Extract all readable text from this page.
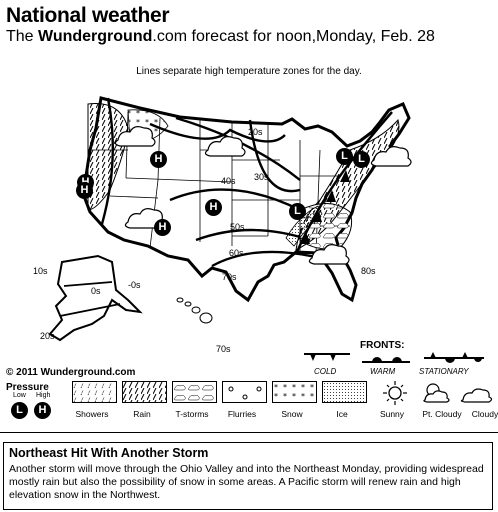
National weather
The Wunderground.com forecast for noon,Monday, Feb. 28
Lines separate high temperature zones for the day.
H
H
H
H
L
L
L
20s
30s
40s
50s
60s
70s
80s
10s
0s
-0s
20s
70s
© 2011 Wunderground.com
FRONTS:
COLD	WARM	STATIONARY
Pressure
Low High
L	H	Showers	Rain	T-storms	Flurries	Snow	Ice	Sunny	Pt. Cloudy	Cloudy
Northeast Hit With Another Storm
Another storm will move through the Ohio Valley and into the Northeast Monday, providing widespread mostly rain but also the possibility of snow in some areas. A Pacific storm will renew rain and high elevation snow in the Northwest.
